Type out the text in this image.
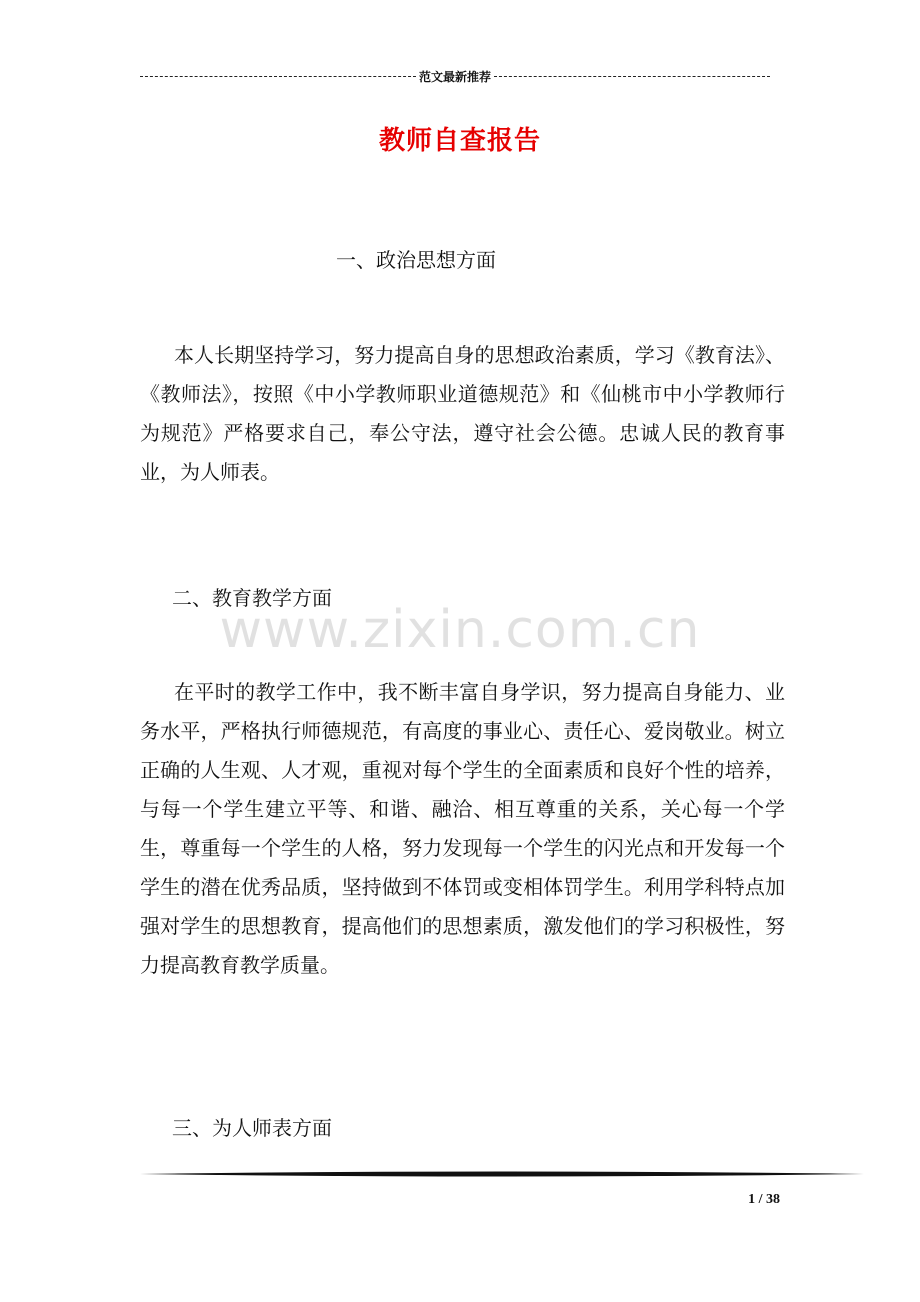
范文最新推荐
教师自查报告
一、政治思想方面
本人长期坚持学习，努力提高自身的思想政治素质，学习《教育法》、《教师法》，按照《中小学教师职业道德规范》和《仙桃市中小学教师行为规范》严格要求自己，奉公守法，遵守社会公德。忠诚人民的教育事业，为人师表。
二、教育教学方面
www.zixin.com.cn
在平时的教学工作中，我不断丰富自身学识，努力提高自身能力、业务水平，严格执行师德规范，有高度的事业心、责任心、爱岗敬业。树立正确的人生观、人才观，重视对每个学生的全面素质和良好个性的培养，与每一个学生建立平等、和谐、融洽、相互尊重的关系，关心每一个学生，尊重每一个学生的人格，努力发现每一个学生的闪光点和开发每一个学生的潜在优秀品质，坚持做到不体罚或变相体罚学生。利用学科特点加强对学生的思想教育，提高他们的思想素质，激发他们的学习积极性，努力提高教育教学质量。
三、为人师表方面
1 / 38
